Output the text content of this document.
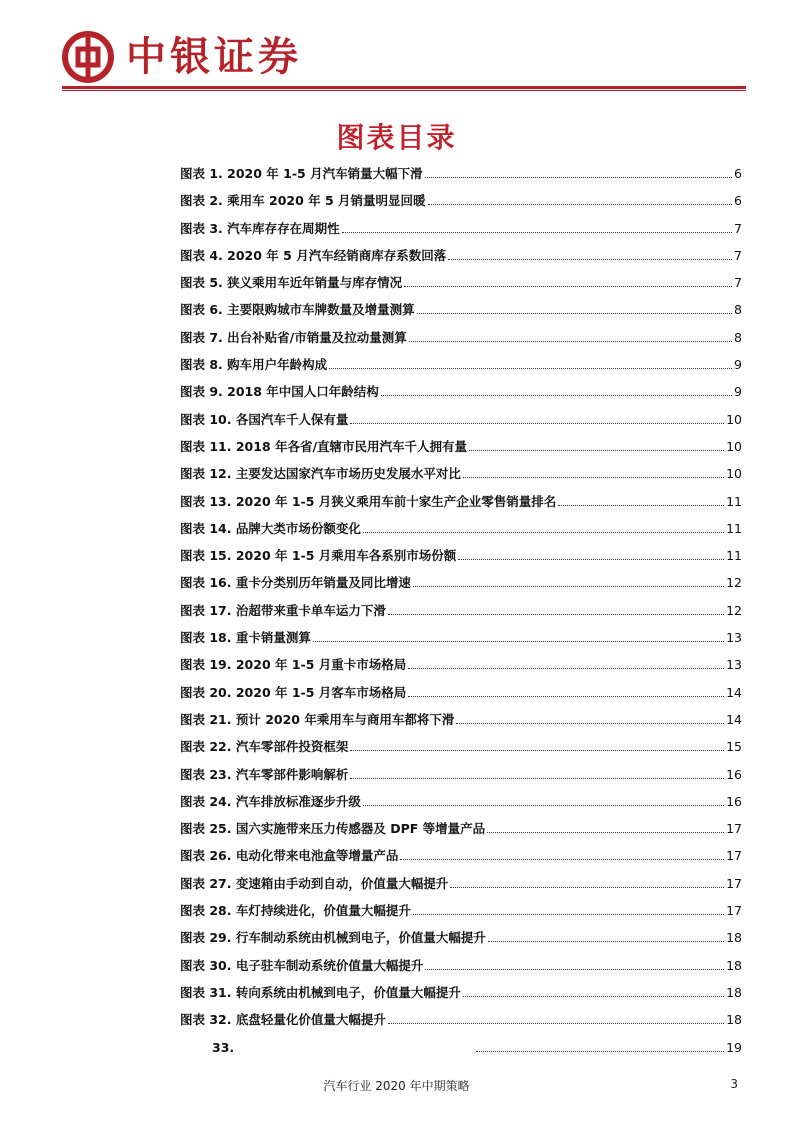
中银证券
图表目录
图表 1. 2020 年 1-5 月汽车销量大幅下滑	6
图表 2. 乘用车 2020 年 5 月销量明显回暖	6
图表 3. 汽车库存存在周期性	7
图表 4. 2020 年 5 月汽车经销商库存系数回落	7
图表 5. 狭义乘用车近年销量与库存情况	7
图表 6. 主要限购城市车牌数量及增量测算	8
图表 7. 出台补贴省/市销量及拉动量测算	8
图表 8. 购车用户年龄构成	9
图表 9. 2018 年中国人口年龄结构	9
图表 10. 各国汽车千人保有量	10
图表 11. 2018 年各省/直辖市民用汽车千人拥有量	10
图表 12. 主要发达国家汽车市场历史发展水平对比	10
图表 13. 2020 年 1-5 月狭义乘用车前十家生产企业零售销量排名	11
图表 14. 品牌大类市场份额变化	11
图表 15. 2020 年 1-5 月乘用车各系别市场份额	11
图表 16. 重卡分类别历年销量及同比增速	12
图表 17. 治超带来重卡单车运力下滑	12
图表 18. 重卡销量测算	13
图表 19. 2020 年 1-5 月重卡市场格局	13
图表 20. 2020 年 1-5 月客车市场格局	14
图表 21. 预计 2020 年乘用车与商用车都将下滑	14
图表 22. 汽车零部件投资框架	15
图表 23. 汽车零部件影响解析	16
图表 24. 汽车排放标准逐步升级	16
图表 25. 国六实施带来压力传感器及 DPF 等增量产品	17
图表 26. 电动化带来电池盒等增量产品	17
图表 27. 变速箱由手动到自动，价值量大幅提升	17
图表 28. 车灯持续进化，价值量大幅提升	17
图表 29. 行车制动系统由机械到电子，价值量大幅提升	18
图表 30. 电子驻车制动系统价值量大幅提升	18
图表 31. 转向系统由机械到电子，价值量大幅提升	18
图表 32. 底盘轻量化价值量大幅提升	18
33.	19
汽车行业 2020 年中期策略	3
